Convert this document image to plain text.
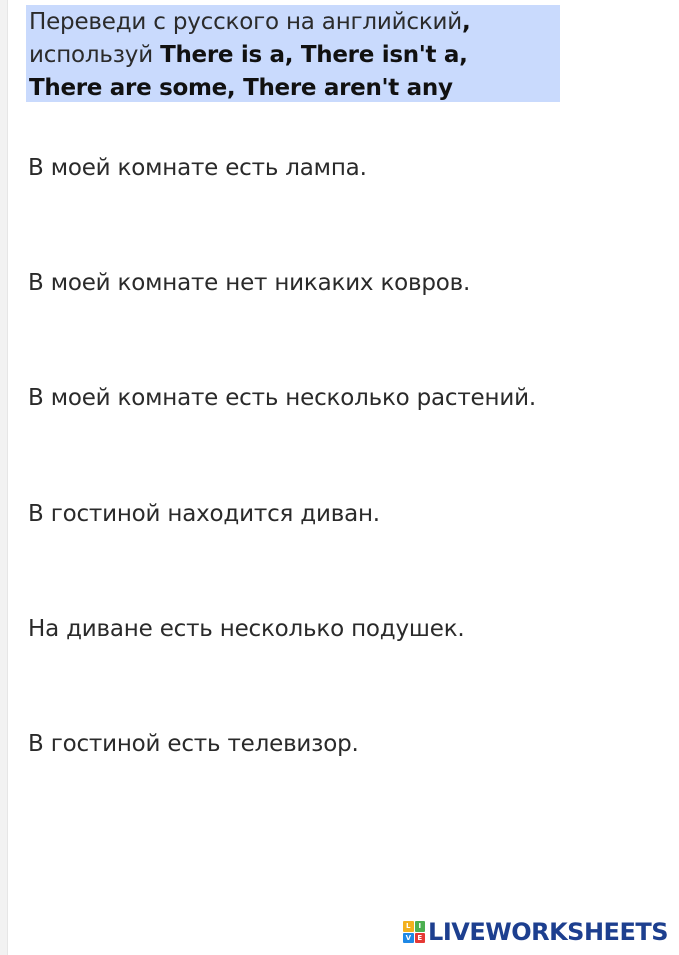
Переведи с русского на английский,
используй There is a, There isn't a,
There are some, There aren't any
В моей комнате есть лампа.
В моей комнате нет никаких ковров.
В моей комнате есть несколько растений.
В гостиной находится диван.
На диване есть несколько подушек.
В гостиной есть телевизор.
L	I
V E LIVEWORKSHEETS
